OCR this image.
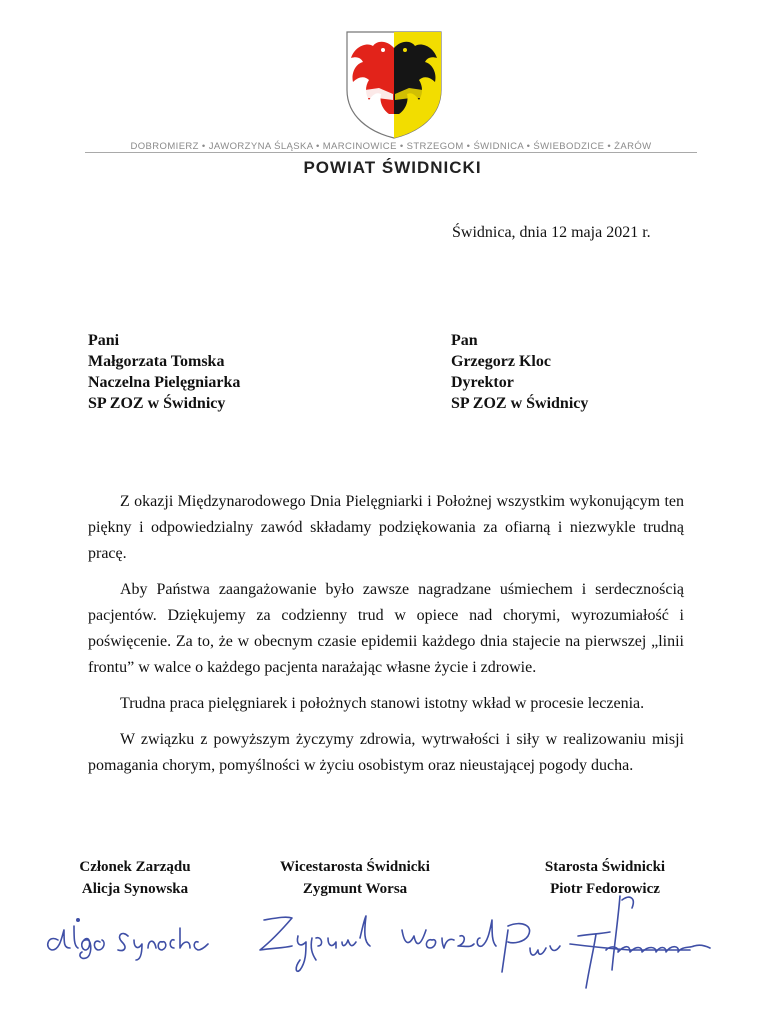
DOBROMIERZ • JAWORZYNA ŚLĄSKA • MARCINOWICE • STRZEGOM • ŚWIDNICA • ŚWIEBODZICE • ŻARÓW
POWIAT ŚWIDNICKI
Świdnica, dnia 12 maja 2021 r.
Pani
Małgorzata Tomska
Naczelna Pielęgniarka
SP ZOZ w Świdnicy
Pan
Grzegorz Kloc
Dyrektor
SP ZOZ w Świdnicy

Z okazji Międzynarodowego Dnia Pielęgniarki i Położnej wszystkim wykonującym ten piękny i odpowiedzialny zawód składamy podziękowania za ofiarną i niezwykle trudną pracę.

Aby Państwa zaangażowanie było zawsze nagradzane uśmiechem i serdecznością pacjentów. Dziękujemy za codzienny trud w opiece nad chorymi, wyrozumiałość i poświęcenie. Za to, że w obecnym czasie epidemii każdego dnia stajecie na pierwszej „linii frontu” w walce o każdego pacjenta narażając własne życie i zdrowie.

Trudna praca pielęgniarek i położnych stanowi istotny wkład w procesie leczenia.

W związku z powyższym życzymy zdrowia, wytrwałości i siły w realizowaniu misji pomagania chorym, pomyślności w życiu osobistym oraz nieustającej pogody ducha.

Członek Zarządu
Alicja Synowska
Wicestarosta Świdnicki
Zygmunt Worsa
Starosta Świdnicki
Piotr Fedorowicz
